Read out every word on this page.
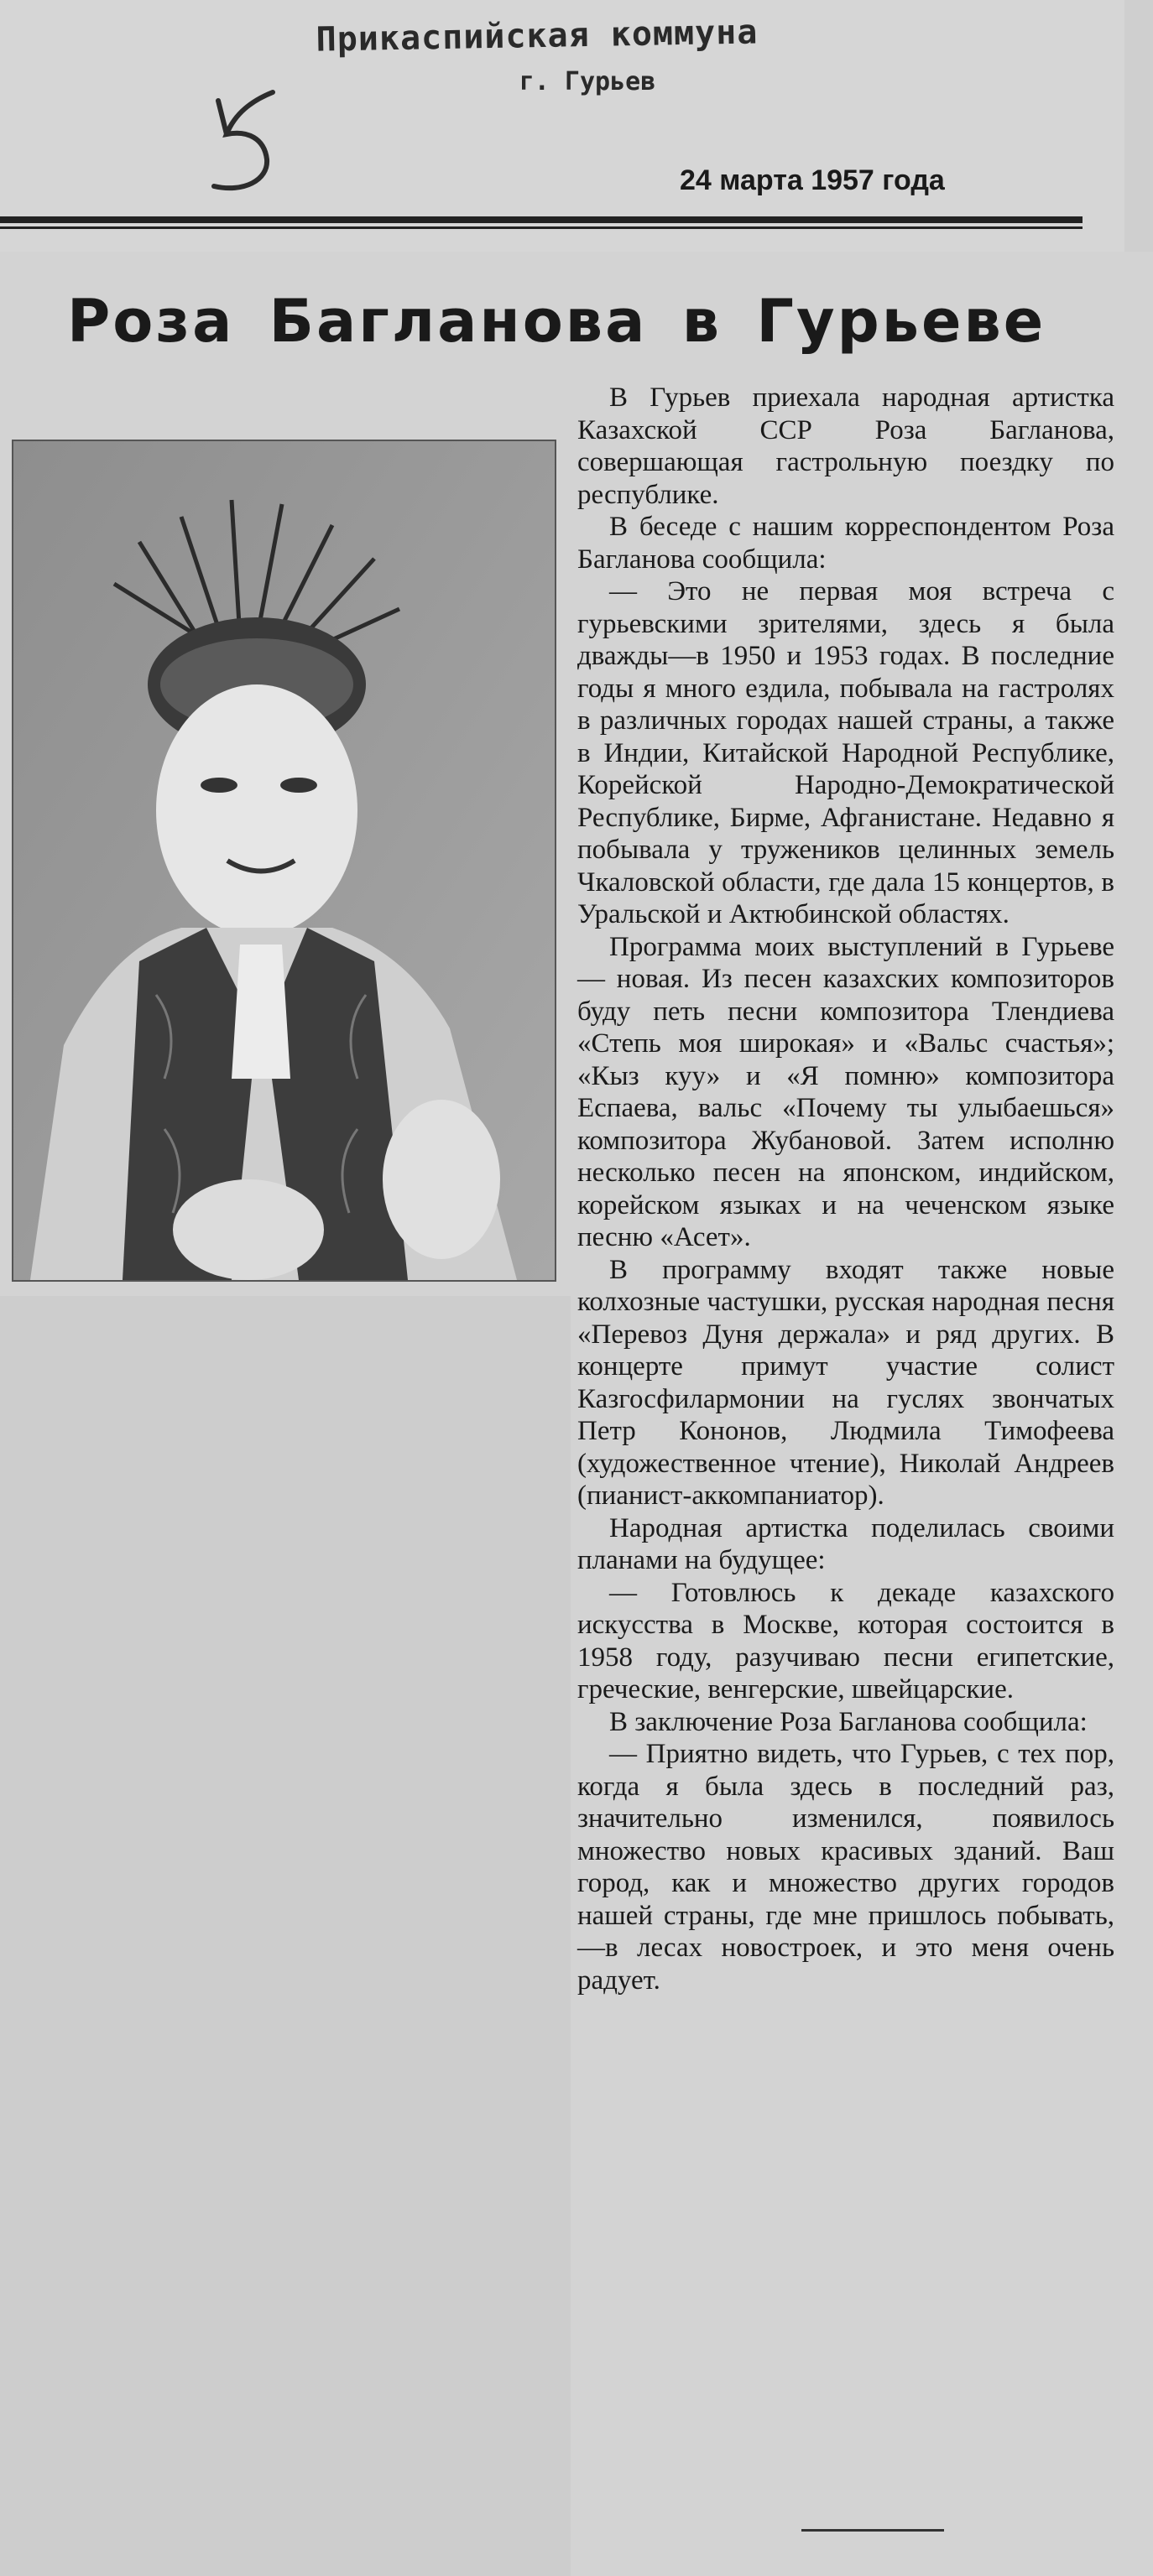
Прикаспийская коммуна
г. Гурьев
24 марта 1957 года
Роза Багланова в Гурьеве

В Гурьев приехала народная артистка Казахской ССР Роза Багланова, совершающая гастрольную поездку по республике.

В беседе с нашим корреспондентом Роза Багланова сообщила:

— Это не первая моя встреча с гурьевскими зрителями, здесь я была дважды—в 1950 и 1953 годах. В последние годы я много ездила, побывала на гастролях в различных городах нашей страны, а также в Индии, Китайской Народной Республике, Корейской Народно-Демократической Республике, Бирме, Афганистане. Недавно я побывала у тружеников целинных земель Чкаловской области, где дала 15 концертов, в Уральской и Актюбинской областях.

Программа моих выступлений в Гурьеве — новая. Из песен казахских композиторов буду петь песни композитора Тлендиева «Степь моя широкая» и «Вальс счастья»; «Кыз куу» и «Я помню» композитора Еспаева, вальс «Почему ты улыбаешься» композитора Жубановой. Затем исполню несколько песен на японском, индийском, корейском языках и на чеченском языке песню «Асет».

В программу входят также новые колхозные частушки, русская народная песня «Перевоз Дуня держала» и ряд других. В концерте примут участие солист Казгосфилармонии на гуслях звончатых Петр Кононов, Людмила Тимофеева (художественное чтение), Николай Андреев (пианист-аккомпаниатор).

Народная артистка поделилась своими планами на будущее:

— Готовлюсь к декаде казахского искусства в Москве, которая состоится в 1958 году, разучиваю песни египетские, греческие, венгерские, швейцарские.

В заключение Роза Багланова сообщила:

— Приятно видеть, что Гурьев, с тех пор, когда я была здесь в последний раз, значительно изменился, появилось множество новых красивых зданий. Ваш город, как и множество других городов нашей страны, где мне пришлось побывать,—в лесах новостроек, и это меня очень радует.
